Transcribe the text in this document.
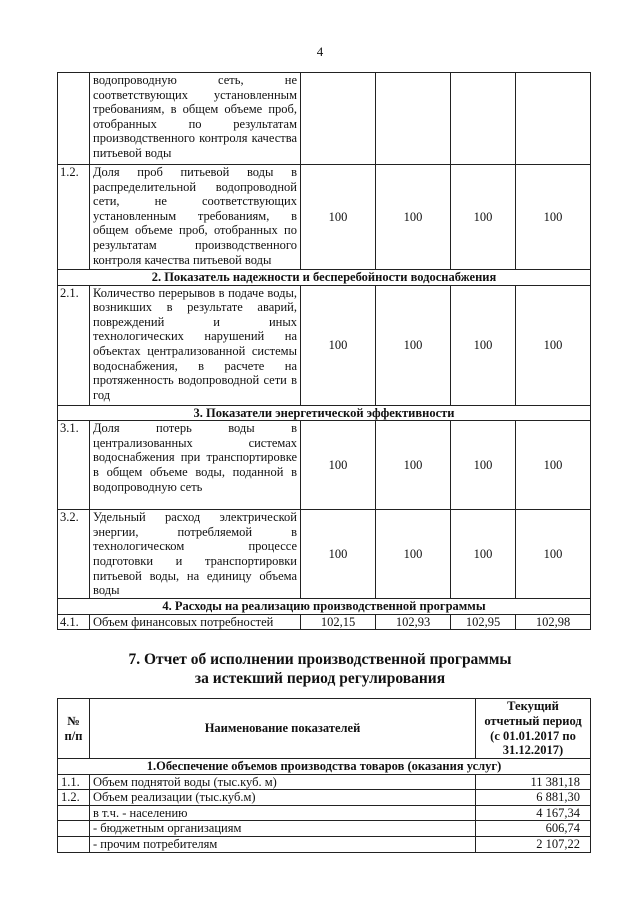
4
	водопроводную сеть, не соответствующих установленным требованиям, в общем объеме проб, отобранных по результатам производственного контроля качества питьевой воды				
1.2.	Доля проб питьевой воды в распределительной водопроводной сети, не соответствующих установленным требованиям, в общем объеме проб, отобранных по результатам производственного контроля качества питьевой воды	100	100	100	100
2. Показатель надежности и бесперебойности водоснабжения					
2.1.	Количество перерывов в подаче воды, возникших в результате аварий, повреждений и иных технологических нарушений на объектах централизованной системы водоснабжения, в расчете на протяженность водопроводной сети в год	100	100	100	100
3. Показатели энергетической эффективности					
3.1.	Доля потерь воды в централизованных системах водоснабжения при транспортировке в общем объеме воды, поданной в водопроводную сеть	100	100	100	100
3.2.	Удельный расход электрической энергии, потребляемой в технологическом процессе подготовки и транспортировки питьевой воды, на единицу объема воды	100	100	100	100
4. Расходы на реализацию производственной программы					
4.1.	Объем финансовых потребностей	102,15	102,93	102,95	102,98
7. Отчет об исполнении производственной программы
за истекший период регулирования
№ п/п	Наименование показателей	Текущий отчетный период (с 01.01.2017 по 31.12.2017)
1.Обеспечение объемов производства товаров (оказания услуг)		
1.1.	Объем поднятой воды (тыс.куб. м)	11 381,18
1.2.	Объем реализации (тыс.куб.м)	6 881,30
	в т.ч. - населению	4 167,34
	- бюджетным организациям	606,74
	- прочим потребителям	2 107,22
